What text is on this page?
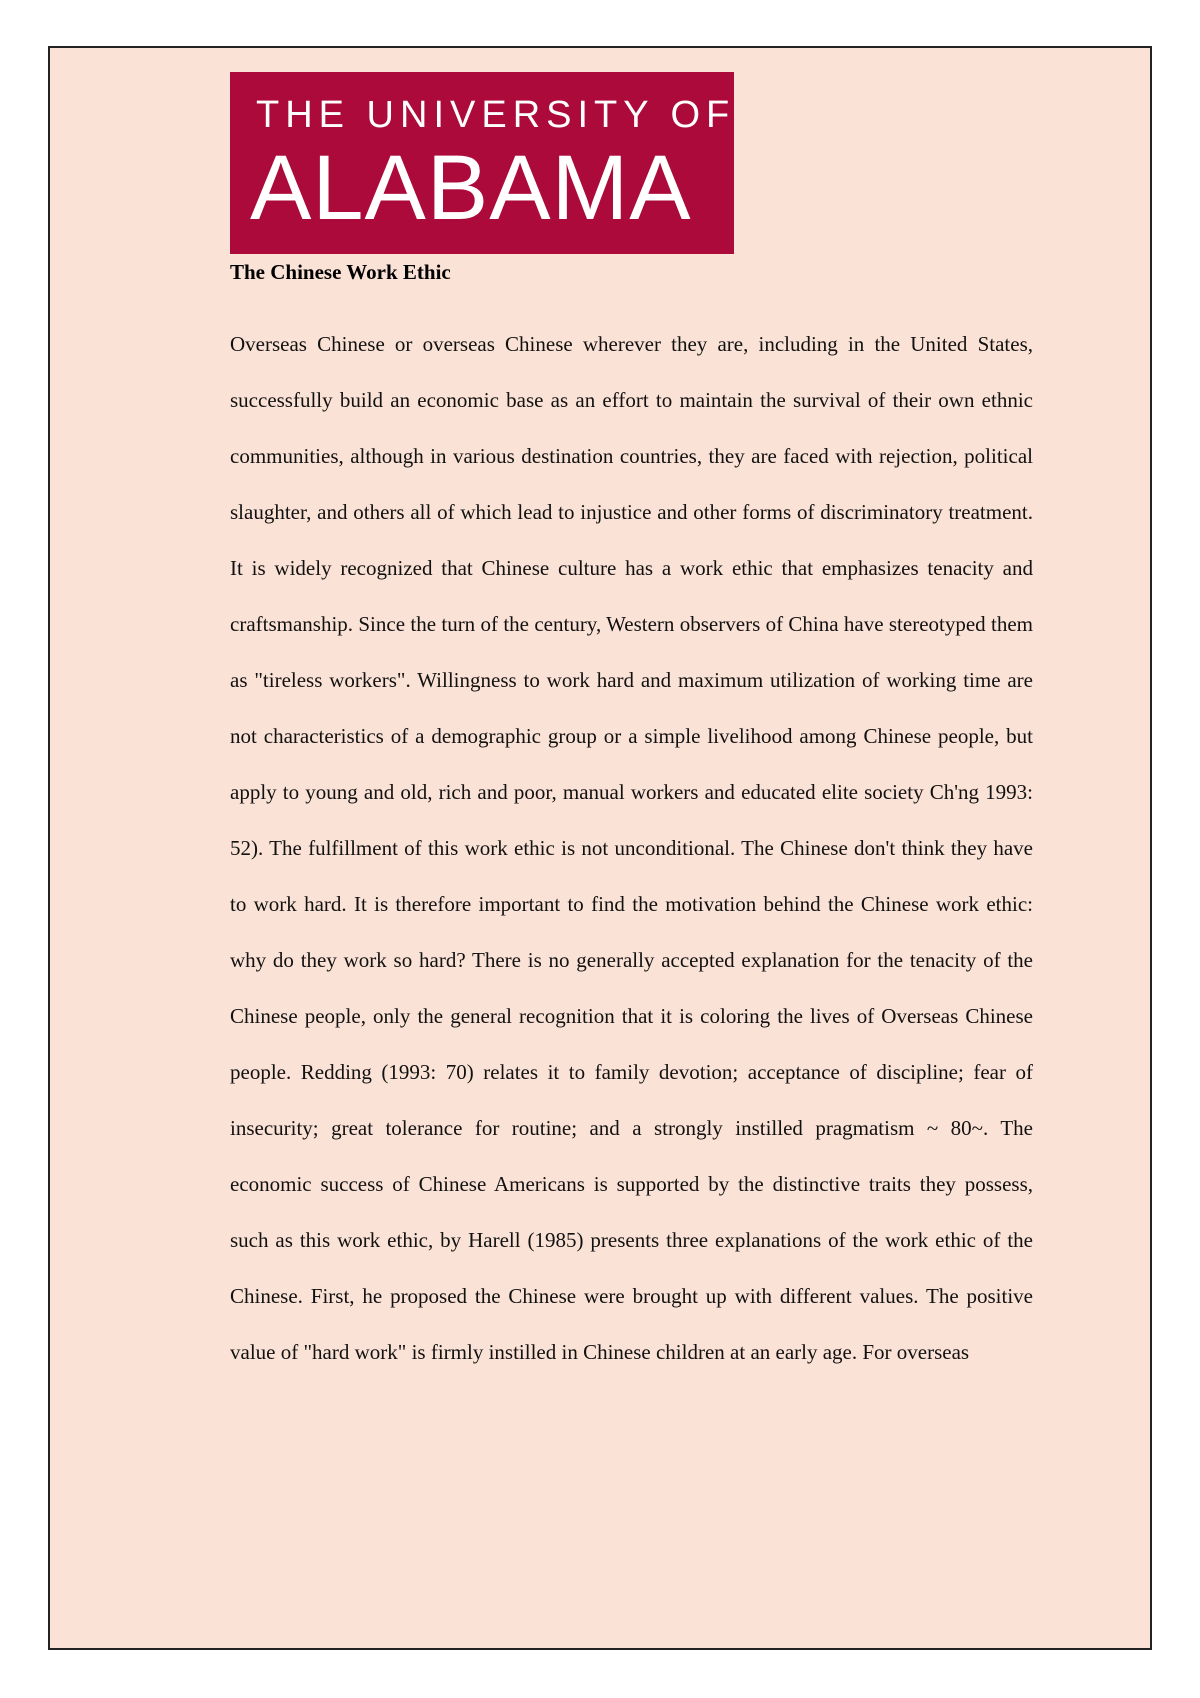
THE UNIVERSITY OF
ALABAMA
The Chinese Work Ethic

Overseas Chinese or overseas Chinese wherever they are, including in the United States, successfully build an economic base as an effort to maintain the survival of their own ethnic communities, although in various destination countries, they are faced with rejection, political slaughter, and others all of which lead to injustice and other forms of discriminatory treatment. It is widely recognized that Chinese culture has a work ethic that emphasizes tenacity and craftsmanship. Since the turn of the century, Western observers of China have stereotyped them as "tireless workers". Willingness to work hard and maximum utilization of working time are not characteristics of a demographic group or a simple livelihood among Chinese people, but apply to young and old, rich and poor, manual workers and educated elite society Ch'ng 1993: 52). The fulfillment of this work ethic is not unconditional. The Chinese don't think they have to work hard. It is therefore important to find the motivation behind the Chinese work ethic: why do they work so hard? There is no generally accepted explanation for the tenacity of the Chinese people, only the general recognition that it is coloring the lives of Overseas Chinese people. Redding (1993: 70) relates it to family devotion; acceptance of discipline; fear of insecurity; great tolerance for routine; and a strongly instilled pragmatism ~ 80~. The economic success of Chinese Americans is supported by the distinctive traits they possess, such as this work ethic, by Harell (1985) presents three explanations of the work ethic of the Chinese. First, he proposed the Chinese were brought up with different values. The positive value of "hard work" is firmly instilled in Chinese children at an early age. For overseas
